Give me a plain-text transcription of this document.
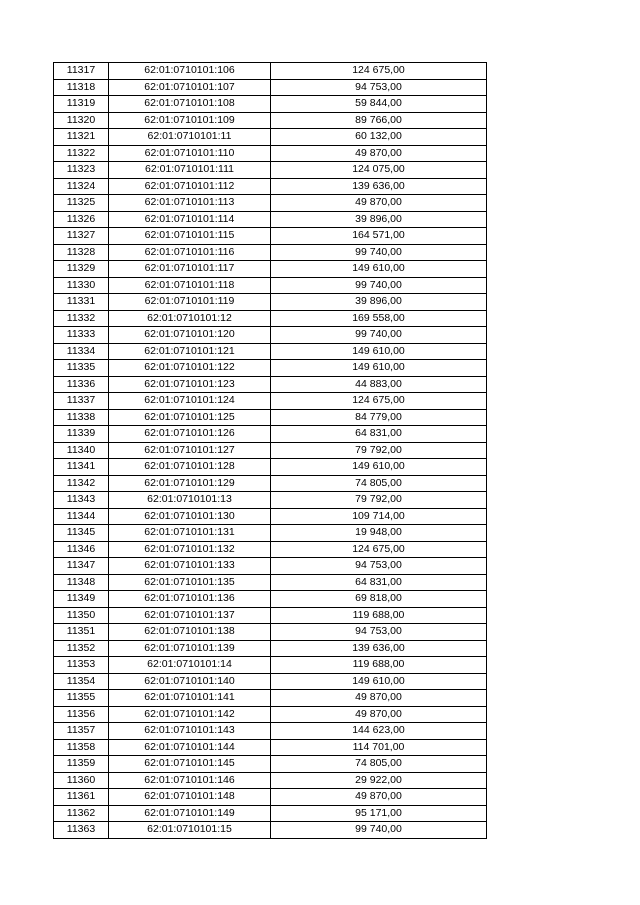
11317	62:01:0710101:106	124 675,00
11318	62:01:0710101:107	94 753,00
11319	62:01:0710101:108	59 844,00
11320	62:01:0710101:109	89 766,00
11321	62:01:0710101:11	60 132,00
11322	62:01:0710101:110	49 870,00
11323	62:01:0710101:111	124 075,00
11324	62:01:0710101:112	139 636,00
11325	62:01:0710101:113	49 870,00
11326	62:01:0710101:114	39 896,00
11327	62:01:0710101:115	164 571,00
11328	62:01:0710101:116	99 740,00
11329	62:01:0710101:117	149 610,00
11330	62:01:0710101:118	99 740,00
11331	62:01:0710101:119	39 896,00
11332	62:01:0710101:12	169 558,00
11333	62:01:0710101:120	99 740,00
11334	62:01:0710101:121	149 610,00
11335	62:01:0710101:122	149 610,00
11336	62:01:0710101:123	44 883,00
11337	62:01:0710101:124	124 675,00
11338	62:01:0710101:125	84 779,00
11339	62:01:0710101:126	64 831,00
11340	62:01:0710101:127	79 792,00
11341	62:01:0710101:128	149 610,00
11342	62:01:0710101:129	74 805,00
11343	62:01:0710101:13	79 792,00
11344	62:01:0710101:130	109 714,00
11345	62:01:0710101:131	19 948,00
11346	62:01:0710101:132	124 675,00
11347	62:01:0710101:133	94 753,00
11348	62:01:0710101:135	64 831,00
11349	62:01:0710101:136	69 818,00
11350	62:01:0710101:137	119 688,00
11351	62:01:0710101:138	94 753,00
11352	62:01:0710101:139	139 636,00
11353	62:01:0710101:14	119 688,00
11354	62:01:0710101:140	149 610,00
11355	62:01:0710101:141	49 870,00
11356	62:01:0710101:142	49 870,00
11357	62:01:0710101:143	144 623,00
11358	62:01:0710101:144	114 701,00
11359	62:01:0710101:145	74 805,00
11360	62:01:0710101:146	29 922,00
11361	62:01:0710101:148	49 870,00
11362	62:01:0710101:149	95 171,00
11363	62:01:0710101:15	99 740,00
